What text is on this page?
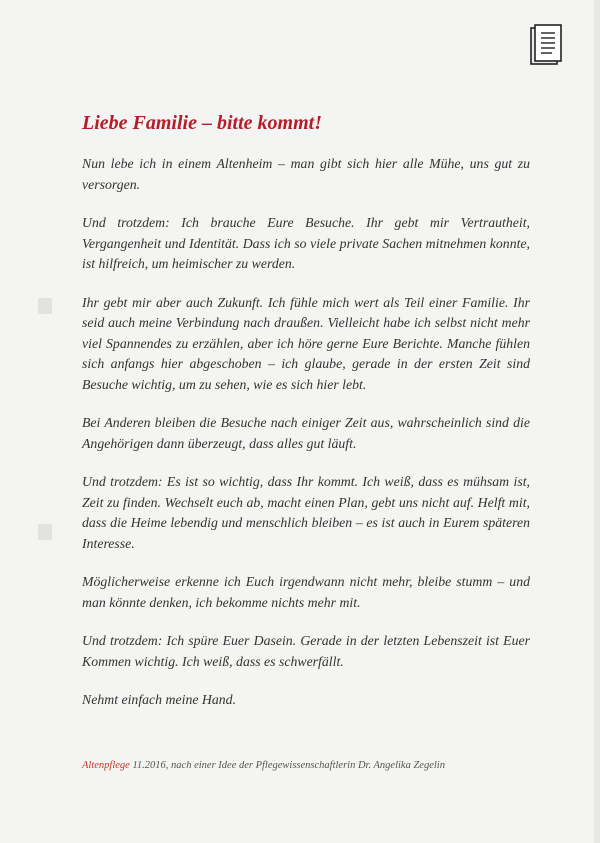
Liebe Familie – bitte kommt!

Nun lebe ich in einem Altenheim – man gibt sich hier alle Mühe, uns gut zu versorgen.

Und trotzdem: Ich brauche Eure Besuche. Ihr gebt mir Vertrautheit, Vergangenheit und Identität. Dass ich so viele private Sachen mitnehmen konnte, ist hilfreich, um heimischer zu werden.

Ihr gebt mir aber auch Zukunft. Ich fühle mich wert als Teil einer Familie. Ihr seid auch meine Verbindung nach draußen. Vielleicht habe ich selbst nicht mehr viel Spannendes zu erzählen, aber ich höre gerne Eure Berichte. Manche fühlen sich anfangs hier abgeschoben – ich glaube, gerade in der ersten Zeit sind Besuche wichtig, um zu sehen, wie es sich hier lebt.

Bei Anderen bleiben die Besuche nach einiger Zeit aus, wahrscheinlich sind die Angehörigen dann überzeugt, dass alles gut läuft.

Und trotzdem: Es ist so wichtig, dass Ihr kommt. Ich weiß, dass es mühsam ist, Zeit zu finden. Wechselt euch ab, macht einen Plan, gebt uns nicht auf. Helft mit, dass die Heime lebendig und menschlich bleiben – es ist auch in Eurem späteren Interesse.

Möglicherweise erkenne ich Euch irgendwann nicht mehr, bleibe stumm – und man könnte denken, ich bekomme nichts mehr mit.

Und trotzdem: Ich spüre Euer Dasein. Gerade in der letzten Lebenszeit ist Euer Kommen wichtig. Ich weiß, dass es schwerfällt.

Nehmt einfach meine Hand.

Altenpflege 11.2016, nach einer Idee der Pflegewissenschaftlerin Dr. Angelika Zegelin
